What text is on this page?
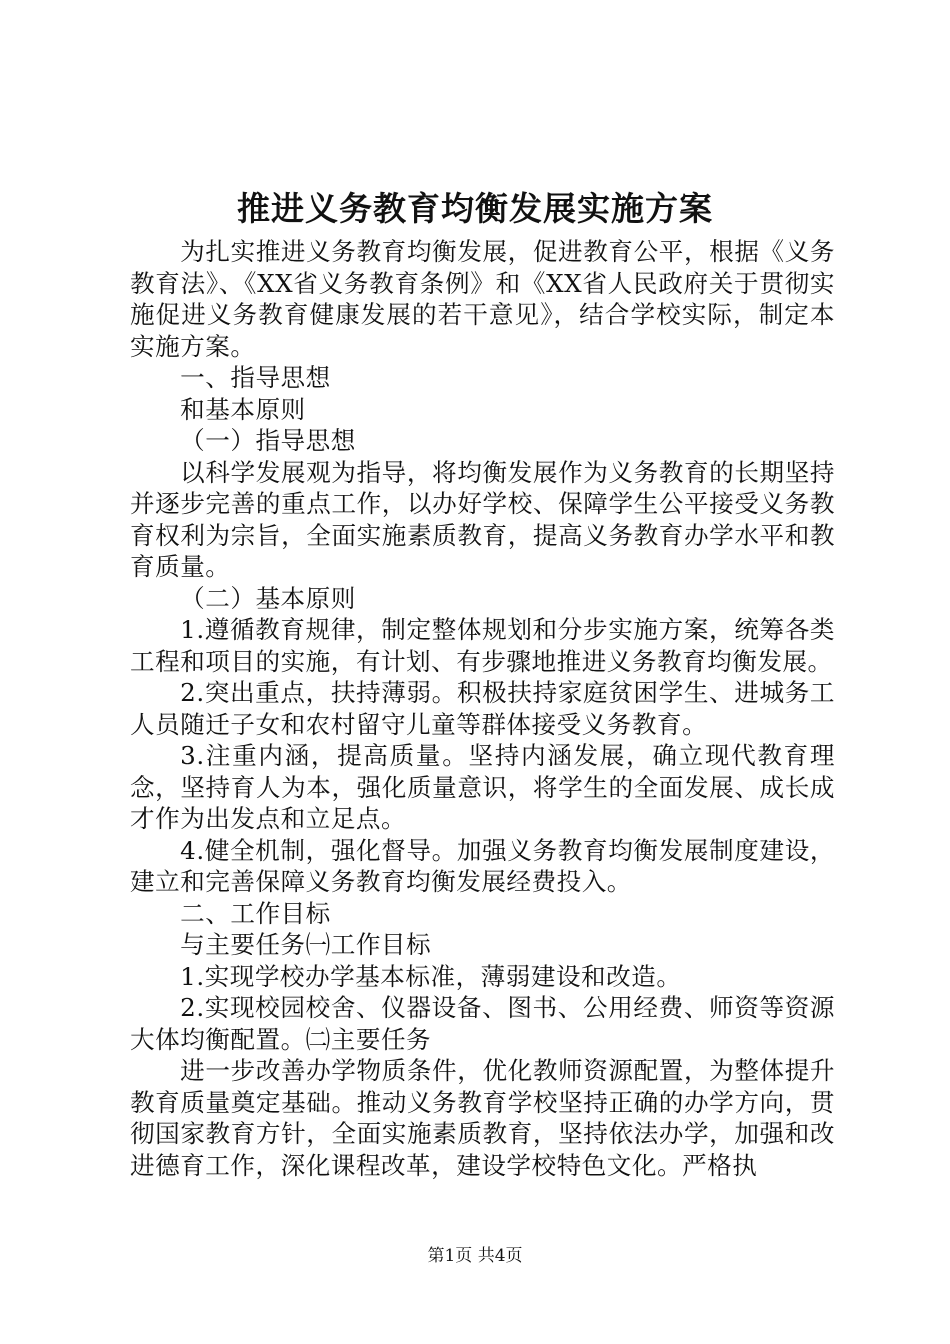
推进义务教育均衡发展实施方案

为扎实推进义务教育均衡发展，促进教育公平，根据《义务教育法》、《XX省义务教育条例》和《XX省人民政府关于贯彻实施促进义务教育健康发展的若干意见》，结合学校实际，制定本实施方案。

一、指导思想

和基本原则

（一）指导思想

以科学发展观为指导，将均衡发展作为义务教育的长期坚持并逐步完善的重点工作，以办好学校、保障学生公平接受义务教育权利为宗旨，全面实施素质教育，提高义务教育办学水平和教育质量。

（二）基本原则

1.遵循教育规律，制定整体规划和分步实施方案，统筹各类工程和项目的实施，有计划、有步骤地推进义务教育均衡发展。

2.突出重点，扶持薄弱。积极扶持家庭贫困学生、进城务工人员随迁子女和农村留守儿童等群体接受义务教育。

3.注重内涵，提高质量。坚持内涵发展，确立现代教育理念，坚持育人为本，强化质量意识，将学生的全面发展、成长成才作为出发点和立足点。

4.健全机制，强化督导。加强义务教育均衡发展制度建设，建立和完善保障义务教育均衡发展经费投入。

二、工作目标

与主要任务㈠工作目标

1.实现学校办学基本标准，薄弱建设和改造。

2.实现校园校舍、仪器设备、图书、公用经费、师资等资源大体均衡配置。㈡主要任务

进一步改善办学物质条件，优化教师资源配置，为整体提升教育质量奠定基础。推动义务教育学校坚持正确的办学方向，贯彻国家教育方针，全面实施素质教育，坚持依法办学，加强和改进德育工作，深化课程改革，建设学校特色文化。严格执

第1页 共4页
